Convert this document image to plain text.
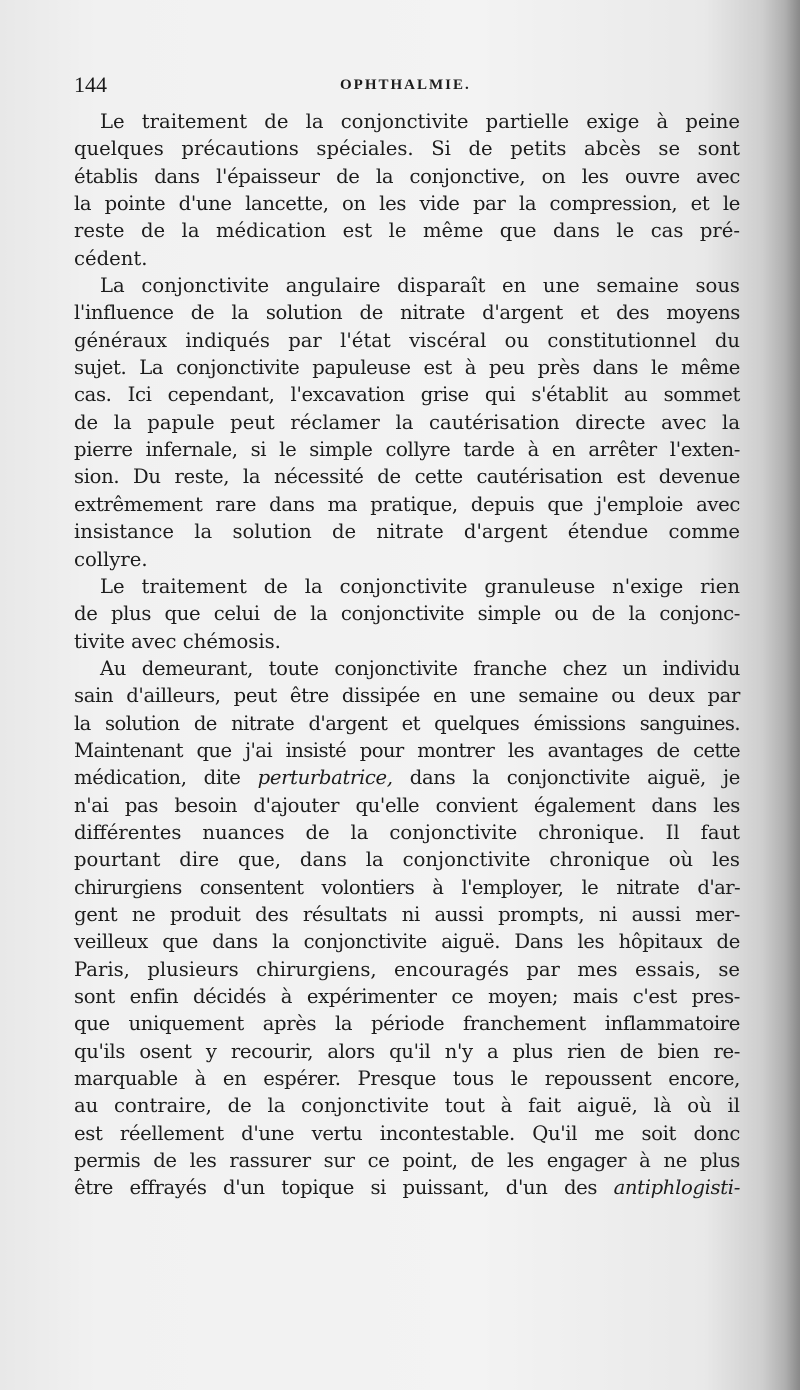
144	OPHTHALMIE.
Le traitement de la conjonctivite partielle exige à peine
quelques précautions spéciales. Si de petits abcès se sont
établis dans l'épaisseur de la conjonctive, on les ouvre avec
la pointe d'une lancette, on les vide par la compression, et le
reste de la médication est le même que dans le cas pré-
cédent.
La conjonctivite angulaire disparaît en une semaine sous
l'influence de la solution de nitrate d'argent et des moyens
généraux indiqués par l'état viscéral ou constitutionnel du
sujet. La conjonctivite papuleuse est à peu près dans le même
cas. Ici cependant, l'excavation grise qui s'établit au sommet
de la papule peut réclamer la cautérisation directe avec la
pierre infernale, si le simple collyre tarde à en arrêter l'exten-
sion. Du reste, la nécessité de cette cautérisation est devenue
extrêmement rare dans ma pratique, depuis que j'emploie avec
insistance la solution de nitrate d'argent étendue comme
collyre.
Le traitement de la conjonctivite granuleuse n'exige rien
de plus que celui de la conjonctivite simple ou de la conjonc-
tivite avec chémosis.
Au demeurant, toute conjonctivite franche chez un individu
sain d'ailleurs, peut être dissipée en une semaine ou deux par
la solution de nitrate d'argent et quelques émissions sanguines.
Maintenant que j'ai insisté pour montrer les avantages de cette
médication, dite perturbatrice, dans la conjonctivite aiguë, je
n'ai pas besoin d'ajouter qu'elle convient également dans les
différentes nuances de la conjonctivite chronique. Il faut
pourtant dire que, dans la conjonctivite chronique où les
chirurgiens consentent volontiers à l'employer, le nitrate d'ar-
gent ne produit des résultats ni aussi prompts, ni aussi mer-
veilleux que dans la conjonctivite aiguë. Dans les hôpitaux de
Paris, plusieurs chirurgiens, encouragés par mes essais, se
sont enfin décidés à expérimenter ce moyen; mais c'est pres-
que uniquement après la période franchement inflammatoire
qu'ils osent y recourir, alors qu'il n'y a plus rien de bien re-
marquable à en espérer. Presque tous le repoussent encore,
au contraire, de la conjonctivite tout à fait aiguë, là où il
est réellement d'une vertu incontestable. Qu'il me soit donc
permis de les rassurer sur ce point, de les engager à ne plus
être effrayés d'un topique si puissant, d'un des antiphlogisti-
